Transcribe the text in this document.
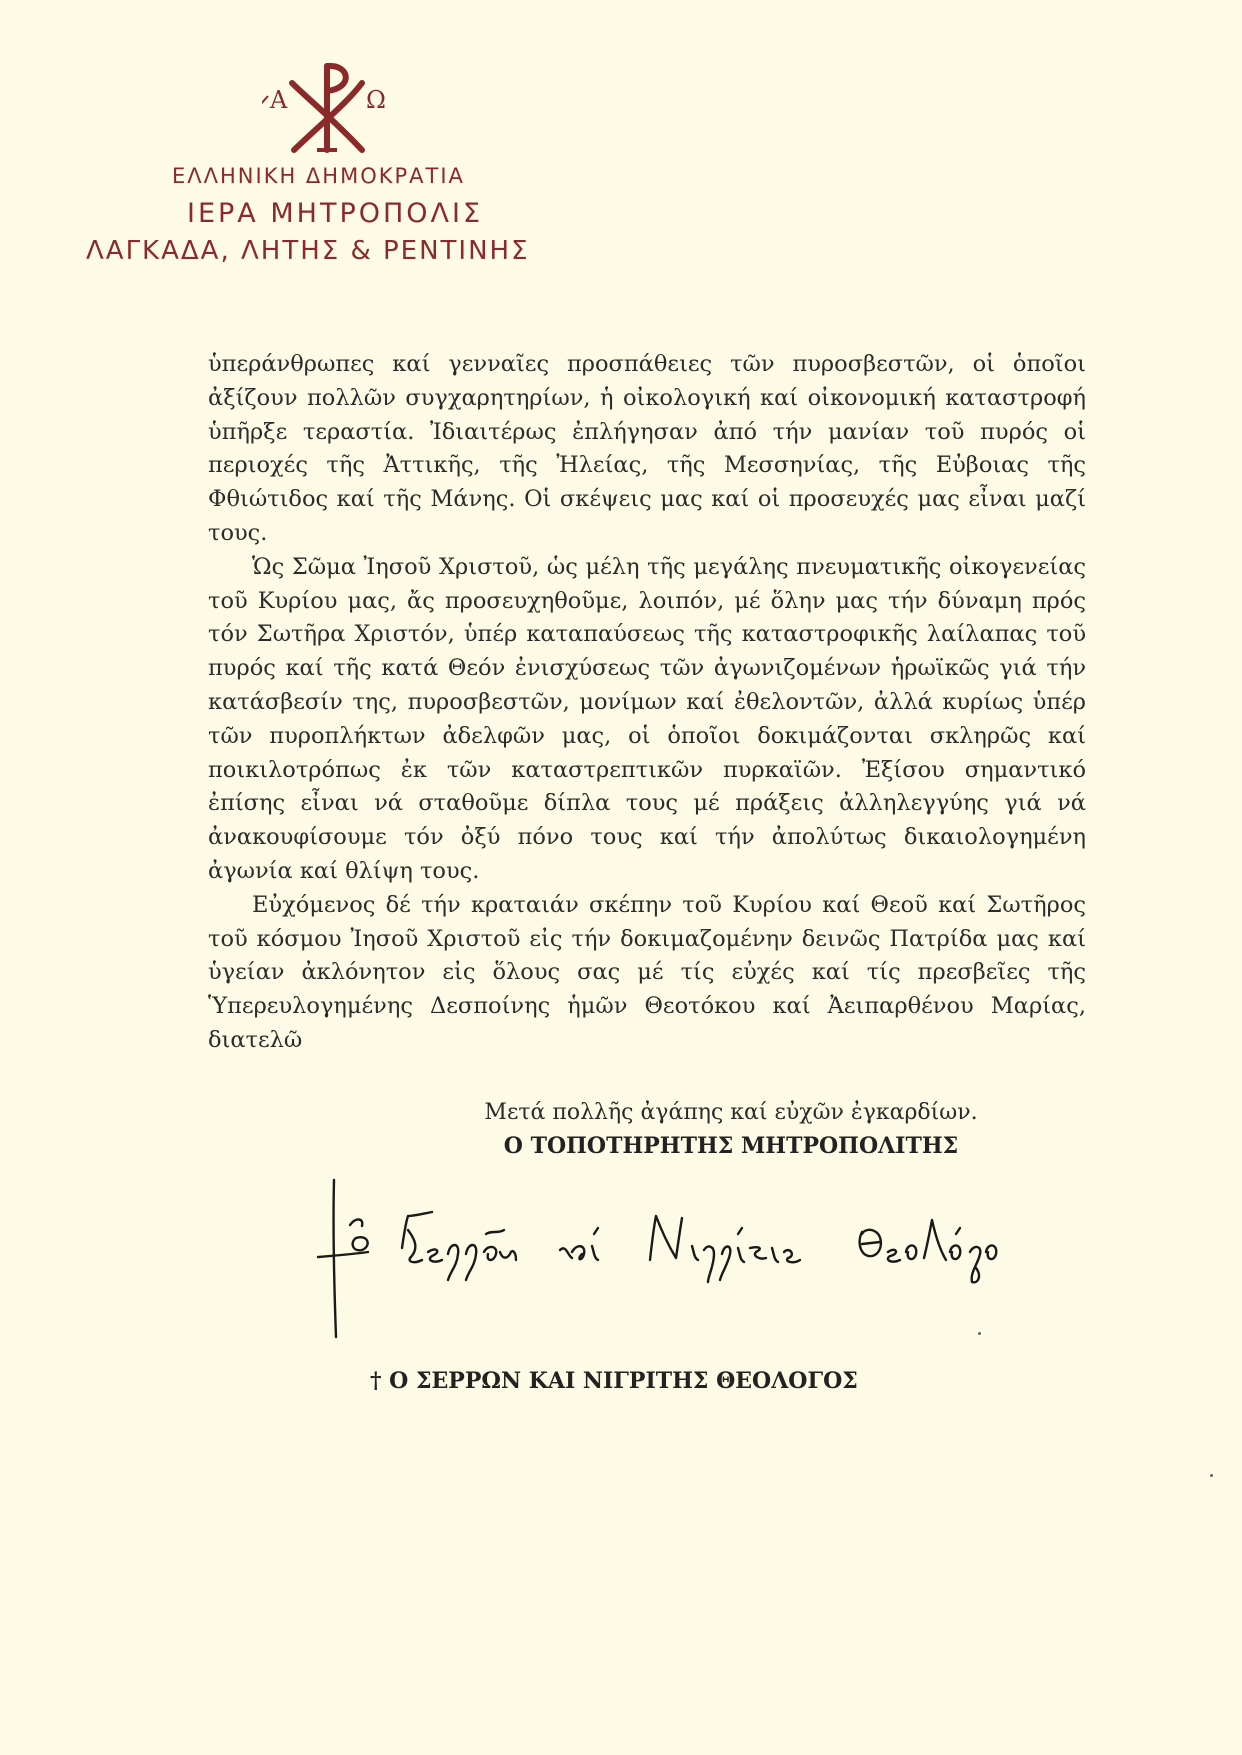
Α	Ω
ΕΛΛΗΝΙΚΗ ΔΗΜΟΚΡΑΤΙΑ
ΙΕΡΑ ΜΗΤΡΟΠΟΛΙΣ
ΛΑΓΚΑΔΑ, ΛΗΤΗΣ & ΡΕΝΤΙΝΗΣ

ὑπεράνθρωπες καί γενναῖες προσπάθειες τῶν πυροσβεστῶν, οἱ ὁποῖοι ἀξίζουν πολλῶν συγχαρητηρίων, ἡ οἰκολογική καί οἰκονομική καταστροφή ὑπῆρξε τεραστία. Ἰδιαιτέρως ἐπλήγησαν ἀπό τήν μανίαν τοῦ πυρός οἱ περιοχές τῆς Ἀττικῆς, τῆς Ἠλείας, τῆς Μεσσηνίας, τῆς Εὐβοιας τῆς Φθιώτιδος καί τῆς Μάνης. Οἱ σκέψεις μας καί οἱ προσευχές μας εἶναι μαζί τους.

Ὡς Σῶμα Ἰησοῦ Χριστοῦ, ὡς μέλη τῆς μεγάλης πνευματικῆς οἰκογενείας τοῦ Κυρίου μας, ἄς προσευχηθοῦμε, λοιπόν, μέ ὅλην μας τήν δύναμη πρός τόν Σωτῆρα Χριστόν, ὑπέρ καταπαύσεως τῆς καταστροφικῆς λαίλαπας τοῦ πυρός καί τῆς κατά Θεόν ἐνισχύσεως τῶν ἀγωνιζομένων ἡρωϊκῶς γιά τήν κατάσβεσίν της, πυροσβεστῶν, μονίμων καί ἐθελοντῶν, ἀλλά κυρίως ὑπέρ τῶν πυροπλήκτων ἀδελφῶν μας, οἱ ὁποῖοι δοκιμάζονται σκληρῶς καί ποικιλοτρόπως ἐκ τῶν καταστρεπτικῶν πυρκαϊῶν. Ἐξίσου σημαντικό ἐπίσης εἶναι νά σταθοῦμε δίπλα τους μέ πράξεις ἀλληλεγγύης γιά νά ἀνακουφίσουμε τόν ὀξύ πόνο τους καί τήν ἀπολύτως δικαιολογημένη ἀγωνία καί θλίψη τους.

Εὐχόμενος δέ τήν κραταιάν σκέπην τοῦ Κυρίου καί Θεοῦ καί Σωτῆρος τοῦ κόσμου Ἰησοῦ Χριστοῦ εἰς τήν δοκιμαζομένην δεινῶς Πατρίδα μας καί ὑγείαν ἀκλόνητον εἰς ὅλους σας μέ τίς εὐχές καί τίς πρεσβεῖες τῆς Ὑπερευλογημένης Δεσποίνης ἡμῶν Θεοτόκου καί Ἀειπαρθένου Μαρίας, διατελῶ

Μετά πολλῆς ἀγάπης καί εὐχῶν ἐγκαρδίων.
Ο ΤΟΠΟΤΗΡΗΤΗΣ ΜΗΤΡΟΠΟΛΙΤΗΣ
† Ο ΣΕΡΡΩΝ ΚΑΙ ΝΙΓΡΙΤΗΣ ΘΕΟΛΟΓΟΣ
